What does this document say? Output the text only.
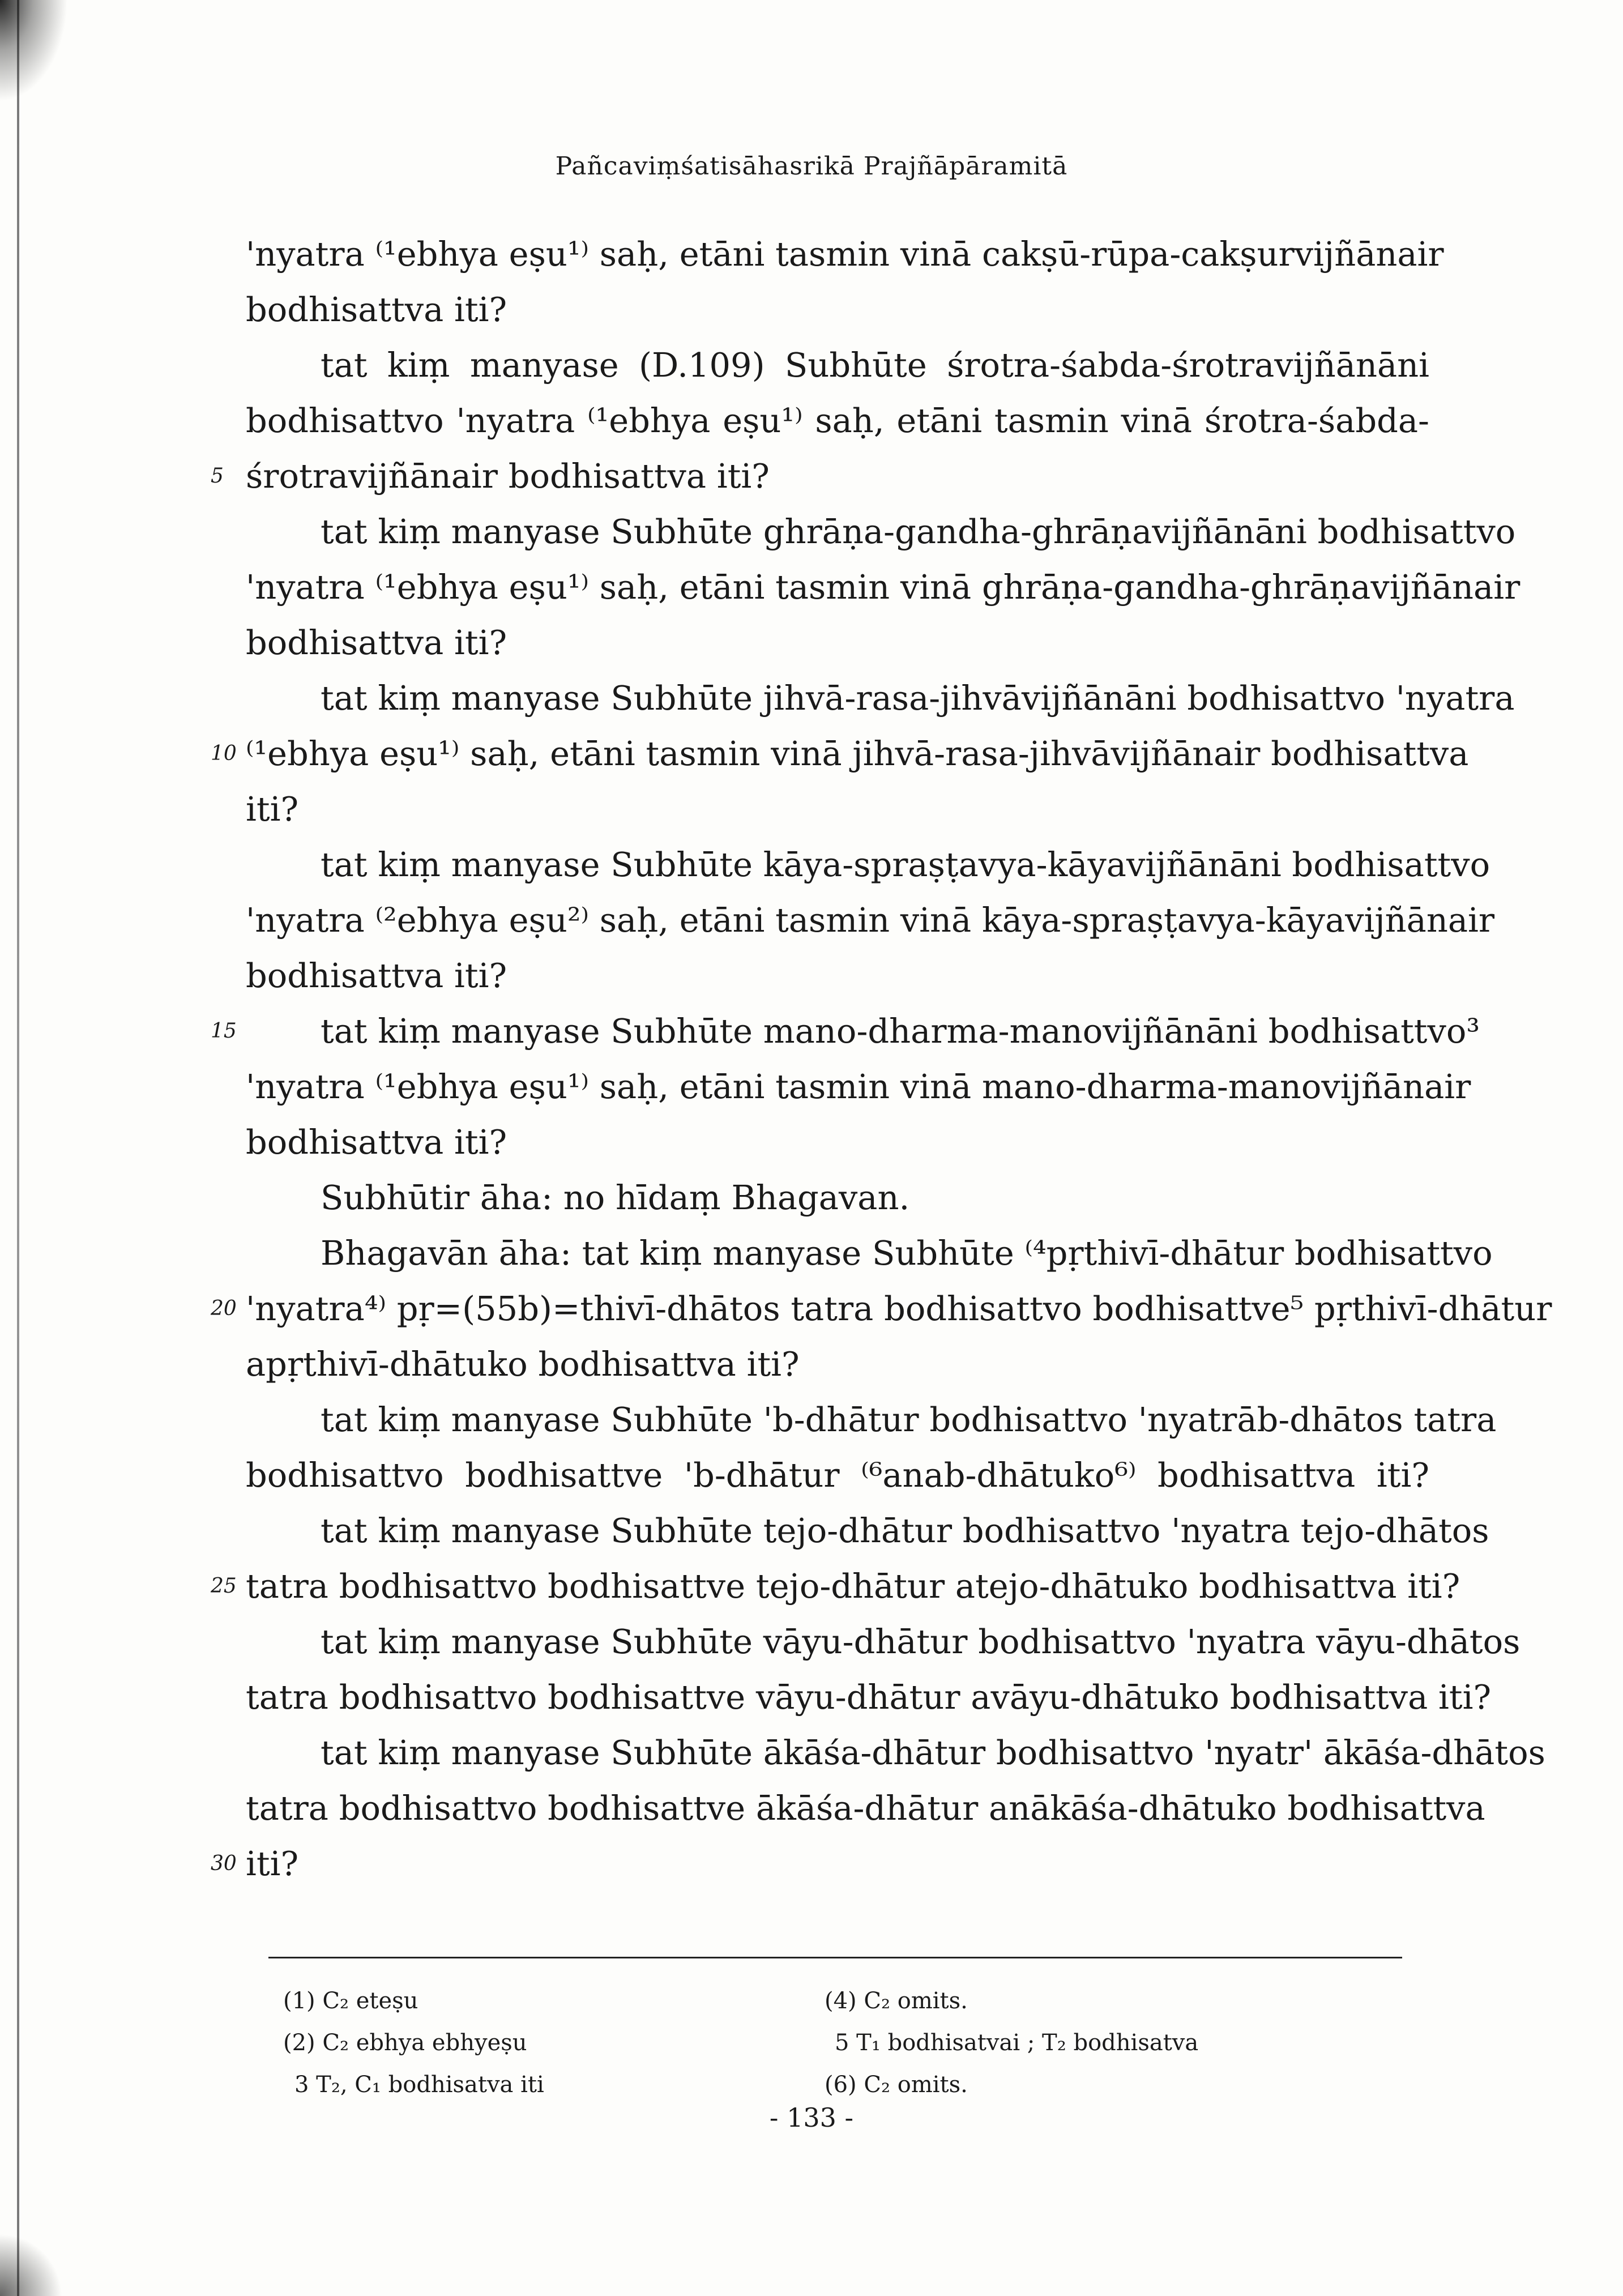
Pañcaviṃśatisāhasrikā Prajñāpāramitā
'nyatra ⁽¹ebhya eṣu¹⁾ saḥ, etāni tasmin vinā cakṣū-rūpa-cakṣurvijñānair
bodhisattva iti?
tat kiṃ manyase (D.109) Subhūte śrotra-śabda-śrotravijñānāni
bodhisattvo 'nyatra ⁽¹ebhya eṣu¹⁾ saḥ, etāni tasmin vinā śrotra-śabda-
5 śrotravijñānair bodhisattva iti?
tat kiṃ manyase Subhūte ghrāṇa-gandha-ghrāṇavijñānāni bodhisattvo
'nyatra ⁽¹ebhya eṣu¹⁾ saḥ, etāni tasmin vinā ghrāṇa-gandha-ghrāṇavijñānair
bodhisattva iti?
tat kiṃ manyase Subhūte jihvā-rasa-jihvāvijñānāni bodhisattvo 'nyatra
10 ⁽¹ebhya eṣu¹⁾ saḥ, etāni tasmin vinā jihvā-rasa-jihvāvijñānair bodhisattva
iti?
tat kiṃ manyase Subhūte kāya-spraṣṭavya-kāyavijñānāni bodhisattvo
'nyatra ⁽²ebhya eṣu²⁾ saḥ, etāni tasmin vinā kāya-spraṣṭavya-kāyavijñānair
bodhisattva iti?
15	tat kiṃ manyase Subhūte mano-dharma-manovijñānāni bodhisattvo³
'nyatra ⁽¹ebhya eṣu¹⁾ saḥ, etāni tasmin vinā mano-dharma-manovijñānair
bodhisattva iti?
Subhūtir āha: no hīdaṃ Bhagavan.
Bhagavān āha: tat kiṃ manyase Subhūte ⁽⁴pṛthivī-dhātur bodhisattvo
20 'nyatra⁴⁾ pṛ=(55b)=thivī-dhātos tatra bodhisattvo bodhisattve⁵ pṛthivī-dhātur
apṛthivī-dhātuko bodhisattva iti?
tat kiṃ manyase Subhūte 'b-dhātur bodhisattvo 'nyatrāb-dhātos tatra
bodhisattvo bodhisattve 'b-dhātur ⁽⁶anab-dhātuko⁶⁾ bodhisattva iti?
tat kiṃ manyase Subhūte tejo-dhātur bodhisattvo 'nyatra tejo-dhātos
25 tatra bodhisattvo bodhisattve tejo-dhātur atejo-dhātuko bodhisattva iti?
tat kiṃ manyase Subhūte vāyu-dhātur bodhisattvo 'nyatra vāyu-dhātos
tatra bodhisattvo bodhisattve vāyu-dhātur avāyu-dhātuko bodhisattva iti?
tat kiṃ manyase Subhūte ākāśa-dhātur bodhisattvo 'nyatr' ākāśa-dhātos
tatra bodhisattvo bodhisattve ākāśa-dhātur anākāśa-dhātuko bodhisattva
30 iti?
(1) C₂ eteṣu
(2) C₂ ebhya ebhyeṣu
3 T₂, C₁ bodhisatva iti
(4) C₂ omits.
5 T₁ bodhisatvai ; T₂ bodhisatva
(6) C₂ omits.
- 133 -
